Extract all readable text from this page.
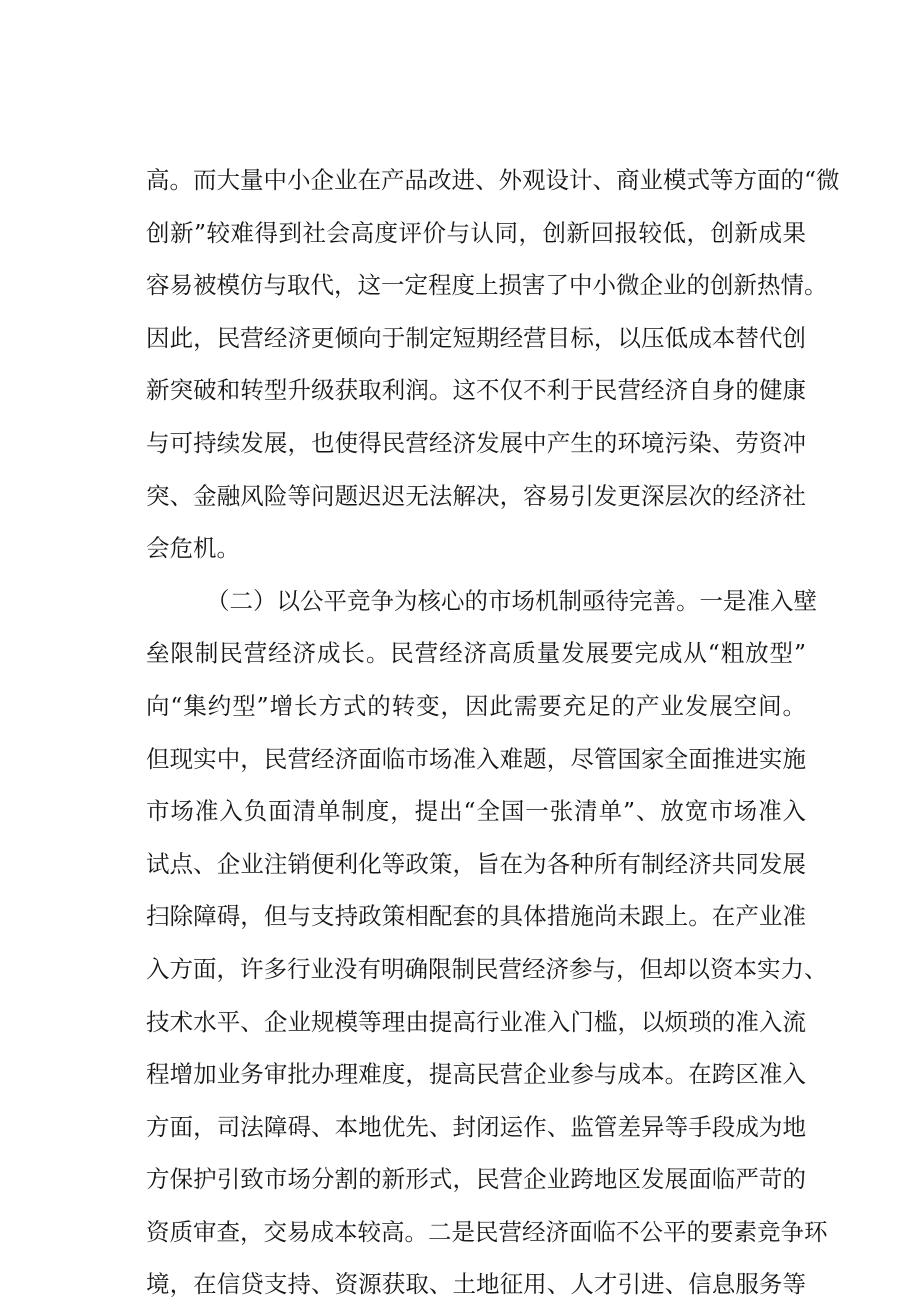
高。而大量中小企业在产品改进、外观设计、商业模式等方面的“微
创新”较难得到社会高度评价与认同，创新回报较低，创新成果
容易被模仿与取代，这一定程度上损害了中小微企业的创新热情。
因此，民营经济更倾向于制定短期经营目标，以压低成本替代创
新突破和转型升级获取利润。这不仅不利于民营经济自身的健康
与可持续发展，也使得民营经济发展中产生的环境污染、劳资冲
突、金融风险等问题迟迟无法解决，容易引发更深层次的经济社
会危机。
（二）以公平竞争为核心的市场机制亟待完善。一是准入壁
垒限制民营经济成长。民营经济高质量发展要完成从“粗放型”
向“集约型”增长方式的转变，因此需要充足的产业发展空间。
但现实中，民营经济面临市场准入难题，尽管国家全面推进实施
市场准入负面清单制度，提出“全国一张清单”、放宽市场准入
试点、企业注销便利化等政策，旨在为各种所有制经济共同发展
扫除障碍，但与支持政策相配套的具体措施尚未跟上。在产业准
入方面，许多行业没有明确限制民营经济参与，但却以资本实力、
技术水平、企业规模等理由提高行业准入门槛，以烦琐的准入流
程增加业务审批办理难度，提高民营企业参与成本。在跨区准入
方面，司法障碍、本地优先、封闭运作、监管差异等手段成为地
方保护引致市场分割的新形式，民营企业跨地区发展面临严苛的
资质审查，交易成本较高。二是民营经济面临不公平的要素竞争环
境，在信贷支持、资源获取、土地征用、人才引进、信息服务等
